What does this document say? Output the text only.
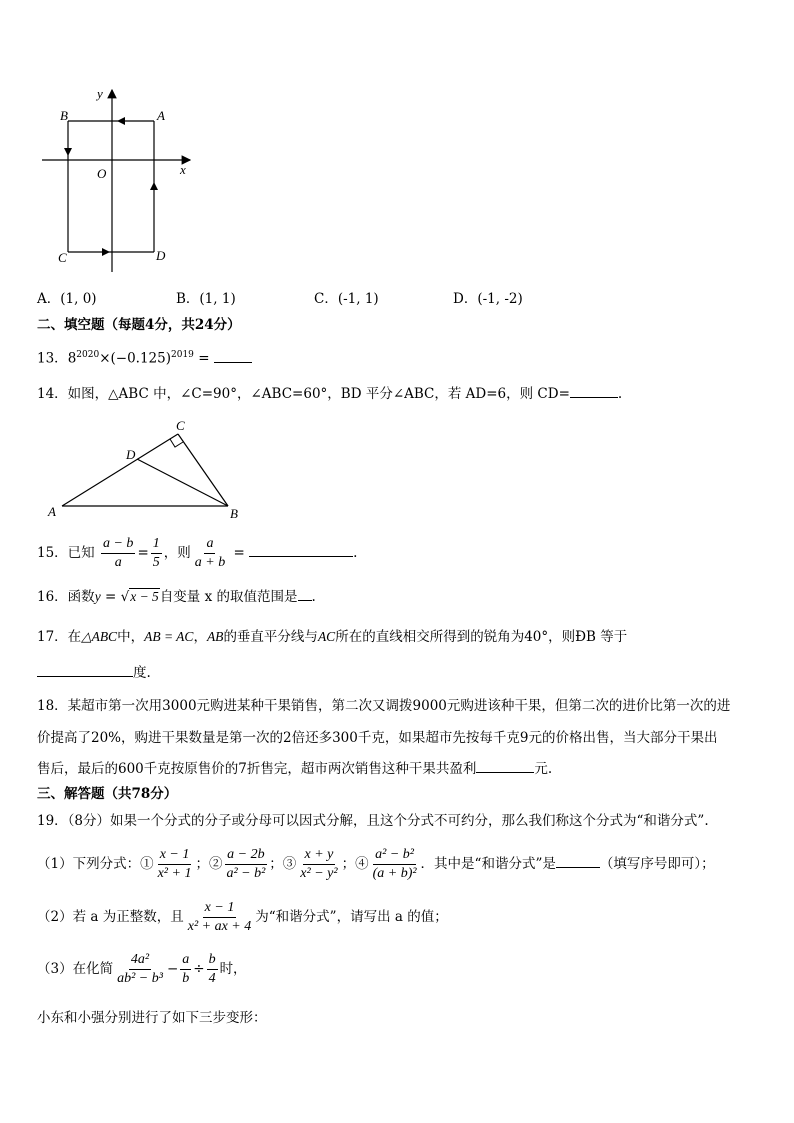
y
x
O
A
B
C	D
A．(1, 0)	B．(1, 1)	C．(-1, 1)	D．(-1, -2)
二、填空题（每题4分，共24分）
13．$8^{2020}\times(-0.125)^{2019}$ =
14．如图，△ABC 中，∠C=90°，∠ABC=60°，BD 平分∠ABC，若 AD=6，则 CD=	.
A	B
C
D
15．已知 $\frac{a - b}{a} = \frac{1}{5}$ ，则 $\frac{a}{a + b}$ =	.
16．函数y = √x − 5自变量 x 的取值范围是 .
17．在△ABC中，AB = AC，AB的垂直平分线与AC所在的直线相交所得到的锐角为40°，则ÐB 等于
度.
18．某超市第一次用3000元购进某种干果销售，第二次又调拨9000元购进该种干果，但第二次的进价比第一次的进
价提高了20%，购进干果数量是第一次的2倍还多300千克，如果超市先按每千克9元的价格出售，当大部分干果出
售后，最后的600千克按原售价的7折售完，超市两次销售这种干果共盈利	元.
三、解答题（共78分）
19．（8分）如果一个分式的分子或分母可以因式分解，且这个分式不可约分，那么我们称这个分式为“和谐分式”.
（1）下列分式：① $\frac{x - 1}{\text{x² + 1}}$ ；② $\frac{a - 2b}{\text{a² − b²}}$ ；③ $\frac{x + y}{\text{x² − y²}}$ ；④ $\frac{\text{a² − b²}}{\text{(a + b)²}}$ ．其中是“和谐分式”是	（填写序号即可）；
（2）若 a 为正整数，且 $\frac{x - 1}{\text{x² + ax + 4}}$ 为“和谐分式”，请写出 a 的值；
（3）在化简 $\frac{\text{4a²}}{\text{ab² − b³}} - \frac{a}{b} \div \frac{b}{4}$ 时，
小东和小强分别进行了如下三步变形：
